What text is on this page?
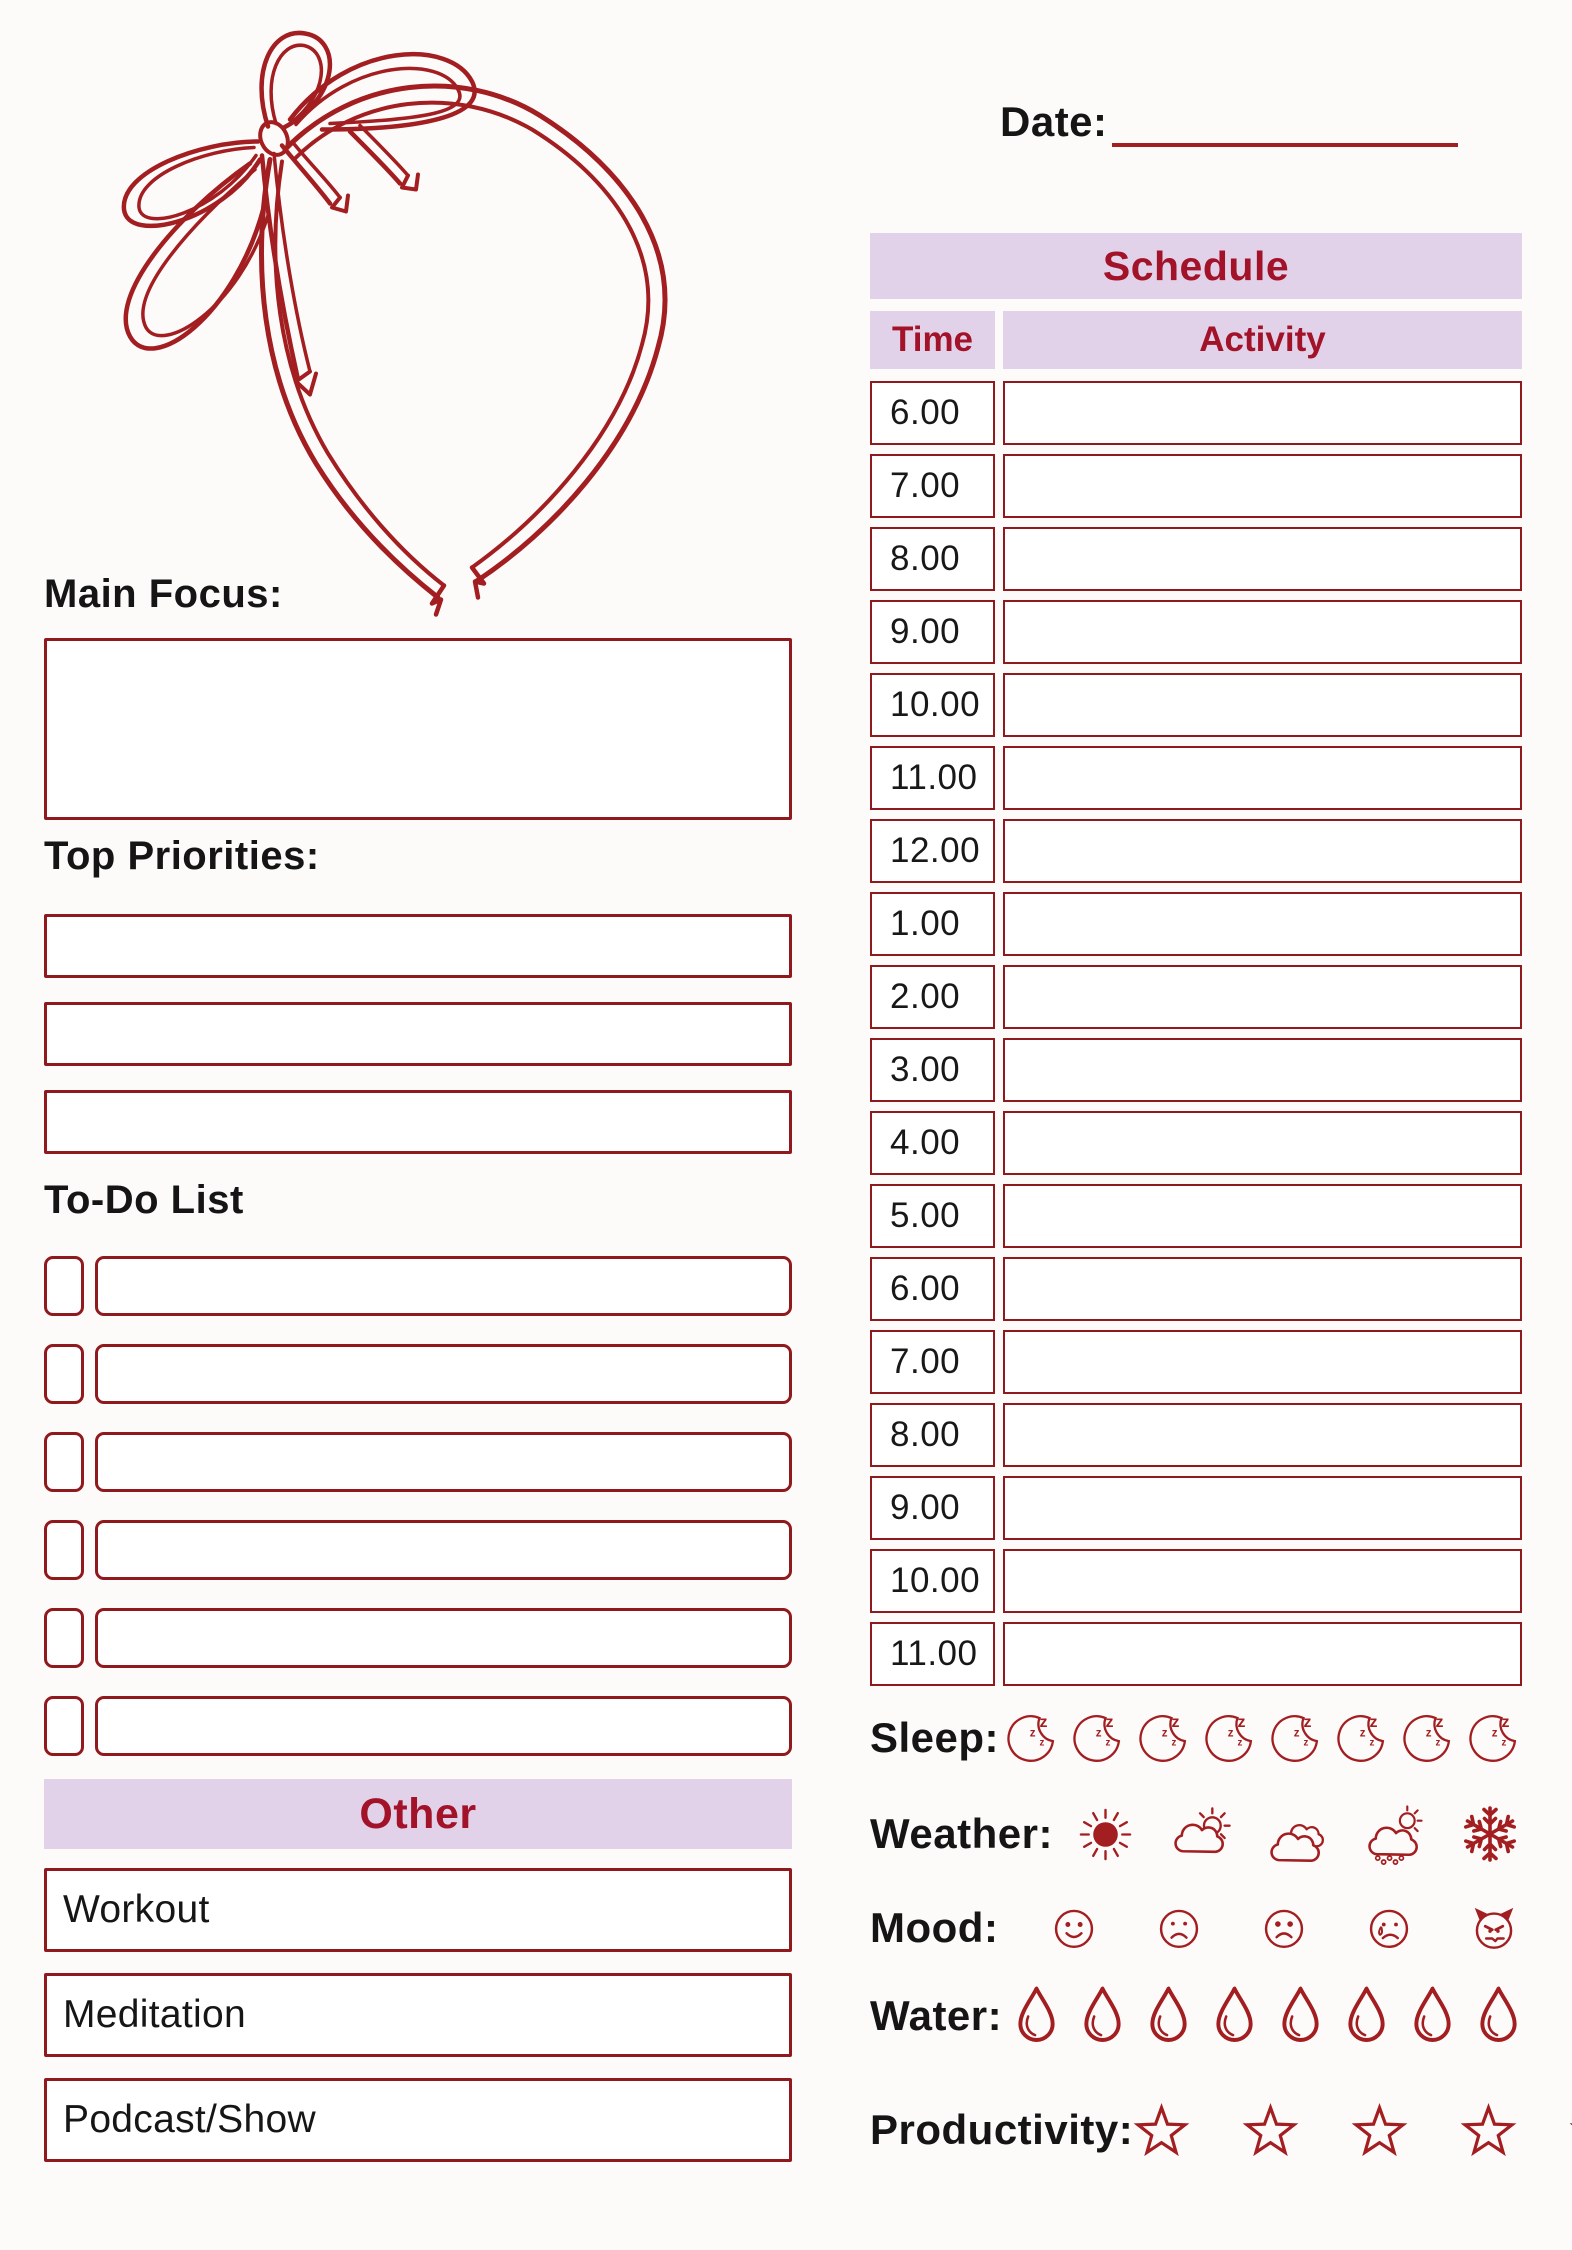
Main Focus:
Top Priorities:
To-Do List
Other
Workout
Meditation
Podcast/Show
Date:
Schedule
Time	Activity
6.00
7.00
8.00
9.00
10.00
11.00
12.00
1.00
2.00
3.00
4.00
5.00
6.00
7.00
8.00
9.00
10.00
11.00
Sleep:
Weather:
Mood:
Water:
Productivity:
